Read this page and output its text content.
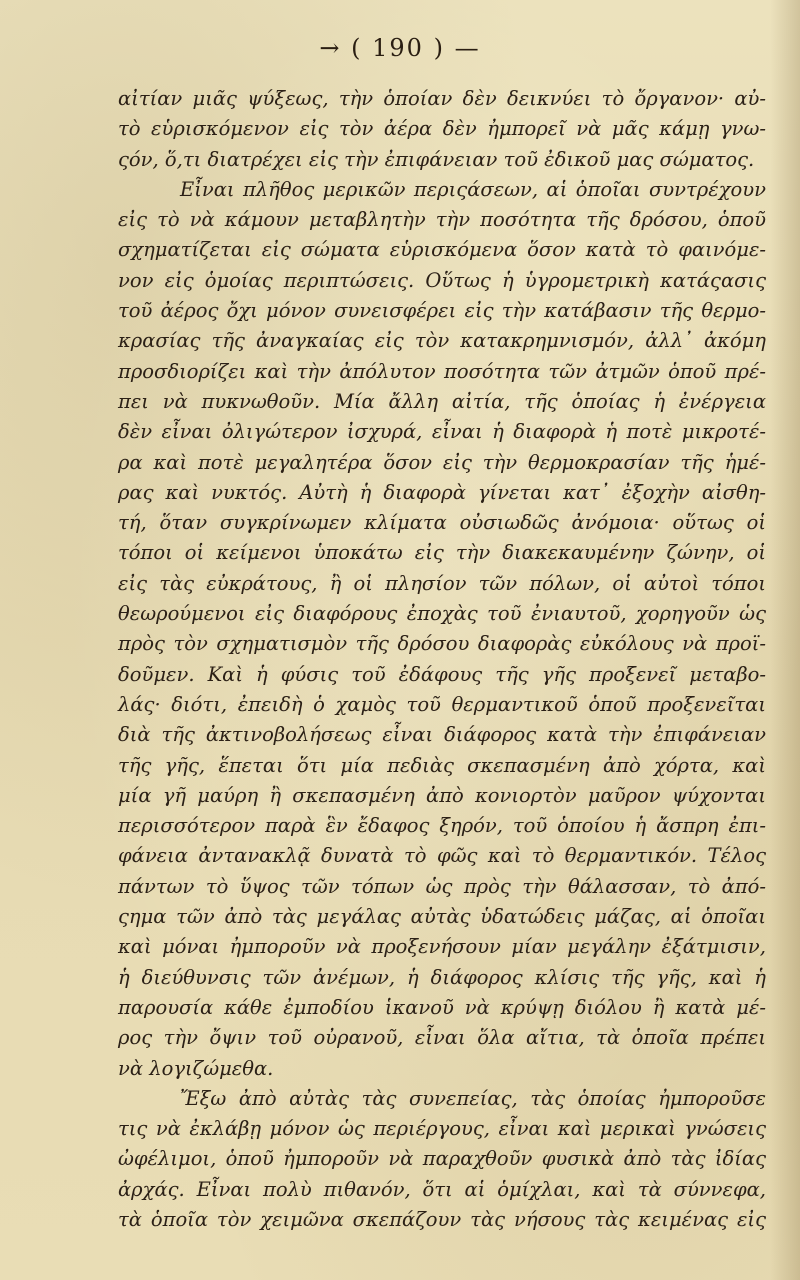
→ ( 190 ) —
αἰτίαν μιᾶς ψύξεως, τὴν ὁποίαν δὲν δεικνύει τὸ ὄργανον· αὐ-
τὸ εὑρισκόμενον εἰς τὸν ἀέρα δὲν ἠμπορεῖ νὰ μᾶς κάμῃ γνω-
ςόν, ὅ,τι διατρέχει εἰς τὴν ἐπιφάνειαν τοῦ ἐδικοῦ μας σώματος.
Εἶναι πλῆθος μερικῶν περιςάσεων, αἱ ὁποῖαι συντρέχουν
εἰς τὸ νὰ κάμουν μεταβλητὴν τὴν ποσότητα τῆς δρόσου, ὁποῦ
σχηματίζεται εἰς σώματα εὑρισκόμενα ὅσον κατὰ τὸ φαινόμε-
νον εἰς ὁμοίας περιπτώσεις. Οὕτως ἡ ὑγρομετρικὴ κατάςασις
τοῦ ἀέρος ὄχι μόνον συνεισφέρει εἰς τὴν κατάβασιν τῆς θερμο-
κρασίας τῆς ἀναγκαίας εἰς τὸν κατακρημνισμόν, ἀλλ᾽ ἀκόμη
προσδιορίζει καὶ τὴν ἀπόλυτον ποσότητα τῶν ἀτμῶν ὁποῦ πρέ-
πει νὰ πυκνωθοῦν. Μία ἄλλη αἰτία, τῆς ὁποίας ἡ ἐνέργεια
δὲν εἶναι ὀλιγώτερον ἰσχυρά, εἶναι ἡ διαφορὰ ἡ ποτὲ μικροτέ-
ρα καὶ ποτὲ μεγαλητέρα ὅσον εἰς τὴν θερμοκρασίαν τῆς ἡμέ-
ρας καὶ νυκτός. Αὐτὴ ἡ διαφορὰ γίνεται κατ᾽ ἐξοχὴν αἰσθη-
τή, ὅταν συγκρίνωμεν κλίματα οὐσιωδῶς ἀνόμοια· οὕτως οἱ
τόποι οἱ κείμενοι ὑποκάτω εἰς τὴν διακεκαυμένην ζώνην, οἱ
εἰς τὰς εὐκράτους, ἢ οἱ πλησίον τῶν πόλων, οἱ αὐτοὶ τόποι
θεωρούμενοι εἰς διαφόρους ἐποχὰς τοῦ ἐνιαυτοῦ, χορηγοῦν ὡς
πρὸς τὸν σχηματισμὸν τῆς δρόσου διαφορὰς εὐκόλους νὰ προϊ-
δοῦμεν. Καὶ ἡ φύσις τοῦ ἐδάφους τῆς γῆς προξενεῖ μεταβο-
λάς· διότι, ἐπειδὴ ὁ χαμὸς τοῦ θερμαντικοῦ ὁποῦ προξενεῖται
διὰ τῆς ἀκτινοβολήσεως εἶναι διάφορος κατὰ τὴν ἐπιφάνειαν
τῆς γῆς, ἕπεται ὅτι μία πεδιὰς σκεπασμένη ἀπὸ χόρτα, καὶ
μία γῆ μαύρη ἢ σκεπασμένη ἀπὸ κονιορτὸν μαῦρον ψύχονται
περισσότερον παρὰ ἓν ἔδαφος ξηρόν, τοῦ ὁποίου ἡ ἄσπρη ἐπι-
φάνεια ἀντανακλᾷ δυνατὰ τὸ φῶς καὶ τὸ θερμαντικόν. Τέλος
πάντων τὸ ὕψος τῶν τόπων ὡς πρὸς τὴν θάλασσαν, τὸ ἀπό-
ςημα τῶν ἀπὸ τὰς μεγάλας αὐτὰς ὑδατώδεις μάζας, αἱ ὁποῖαι
καὶ μόναι ἠμποροῦν νὰ προξενήσουν μίαν μεγάλην ἐξάτμισιν,
ἡ διεύθυνσις τῶν ἀνέμων, ἡ διάφορος κλίσις τῆς γῆς, καὶ ἡ
παρουσία κάθε ἐμποδίου ἱκανοῦ νὰ κρύψῃ διόλου ἢ κατὰ μέ-
ρος τὴν ὄψιν τοῦ οὐρανοῦ, εἶναι ὅλα αἴτια, τὰ ὁποῖα πρέπει
νὰ λογιζώμεθα.
Ἔξω ἀπὸ αὐτὰς τὰς συνεπείας, τὰς ὁποίας ἠμποροῦσε
τις νὰ ἐκλάβῃ μόνον ὡς περιέργους, εἶναι καὶ μερικαὶ γνώσεις
ὠφέλιμοι, ὁποῦ ἠμποροῦν νὰ παραχθοῦν φυσικὰ ἀπὸ τὰς ἰδίας
ἀρχάς. Εἶναι πολὺ πιθανόν, ὅτι αἱ ὁμίχλαι, καὶ τὰ σύννεφα,
τὰ ὁποῖα τὸν χειμῶνα σκεπάζουν τὰς νήσους τὰς κειμένας εἰς
